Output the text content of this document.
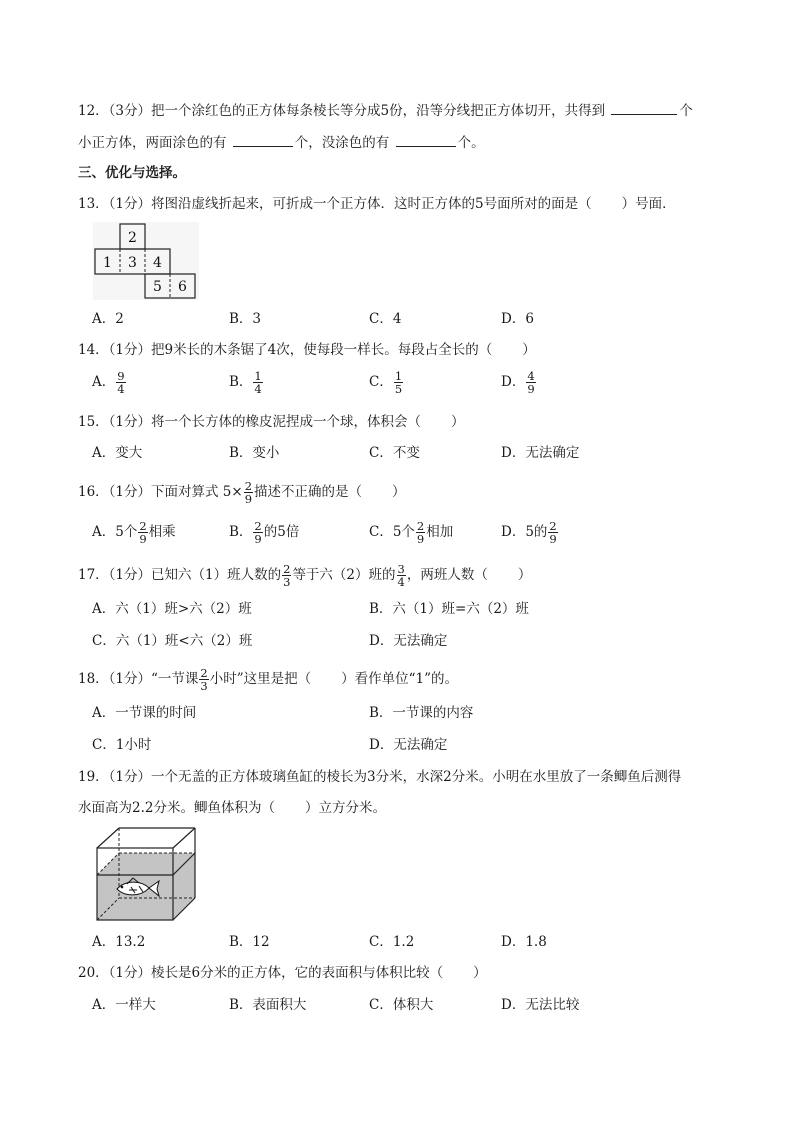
12．（3分）把一个涂红色的正方体每条棱长等分成5份，沿等分线把正方体切开，共得到	个
小正方体，两面涂色的有	个，没涂色的有	个。
三、优化与选择。
13．（1分）将图沿虚线折起来，可折成一个正方体．这时正方体的5号面所对的面是（ ）号面．
2
1 3 4
5 6
A．2	B．3	C．4	D．6
14．（1分）把9米长的木条锯了4次，使每段一样长。每段占全长的（ ）
A． $\frac{9}{4}$	B． $\frac{1}{4}$	C． $\frac{1}{5}$	D． $\frac{4}{9}$
15．（1分）将一个长方体的橡皮泥捏成一个球，体积会（ ）
A．变大	B．变小	C．不变	D．无法确定
16．（1分）下面对算式 $5\times \frac{2}{9}$ 描述不正确的是（ ）
A．5个 $\frac{2}{9}$ 相乘	B． $\frac{2}{9}$ 的5倍	C．5个 $\frac{2}{9}$ 相加	D．5的 $\frac{2}{9}$
17．（1分）已知六（1）班人数的 $\frac{2}{3}$ 等于六（2）班的 $\frac{3}{4}$ ，两班人数（ ）
A．六（1）班>六（2）班	B．六（1）班=六（2）班
C．六（1）班<六（2）班	D．无法确定
18．（1分）“一节课 $\frac{2}{3}$ 小时”这里是把（ ）看作单位“1”的。
A．一节课的时间	B．一节课的内容
C．1小时	D．无法确定
19．（1分）一个无盖的正方体玻璃鱼缸的棱长为3分米，水深2分米。小明在水里放了一条鲫鱼后测得
水面高为2.2分米。鲫鱼体积为（ ）立方分米。
A．13.2	B．12	C．1.2	D．1.8
20．（1分）棱长是6分米的正方体，它的表面积与体积比较（ ）
A．一样大	B．表面积大	C．体积大	D．无法比较
